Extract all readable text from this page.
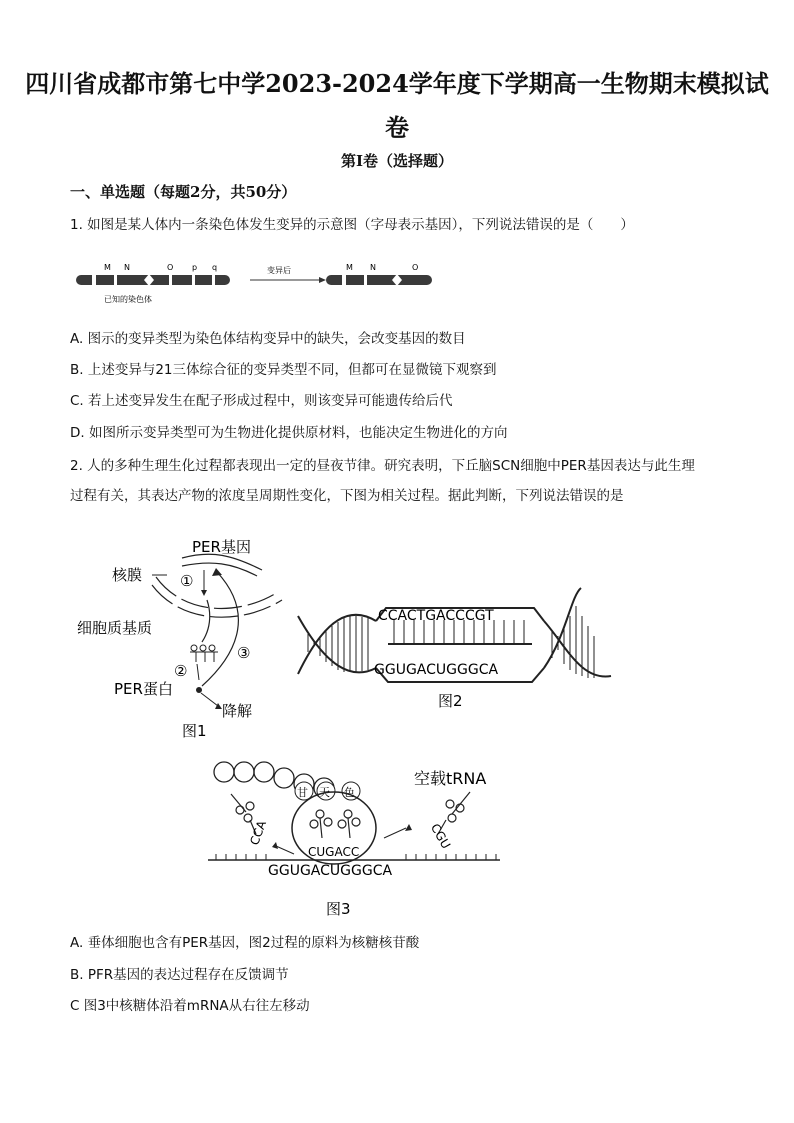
四川省成都市第七中学2023-2024学年度下学期高一生物期末模拟试
卷
第Ⅰ卷（选择题）
一、单选题（每题2分，共50分）
1. 如图是某人体内一条染色体发生变异的示意图（字母表示基因），下列说法错误的是（　　）
M N	O p q
已知的染色体
变异后	M N	O
A. 图示的变异类型为染色体结构变异中的缺失，会改变基因的数目
B. 上述变异与21三体综合征的变异类型不同，但都可在显微镜下观察到
C. 若上述变异发生在配子形成过程中，则该变异可能遗传给后代
D. 如图所示变异类型可为生物进化提供原材料，也能决定生物进化的方向
2. 人的多种生理生化过程都表现出一定的昼夜节律。研究表明，下丘脑SCN细胞中PER基因表达与此生理
过程有关，其表达产物的浓度呈周期性变化，下图为相关过程。据此判断，下列说法错误的是
PER基因
核膜	①
细胞质基质
②
PER蛋白
③
降解
图1
CCACTGACCCGT
GGUGACUGGGCA
图2
甘 天 色
CUGACC
CCA
空载tRNA
CGU
GGUGACUGGGCA
图3
A. 垂体细胞也含有PER基因，图2过程的原料为核糖核苷酸
B. PFR基因的表达过程存在反馈调节
C 图3中核糖体沿着mRNA从右往左移动
